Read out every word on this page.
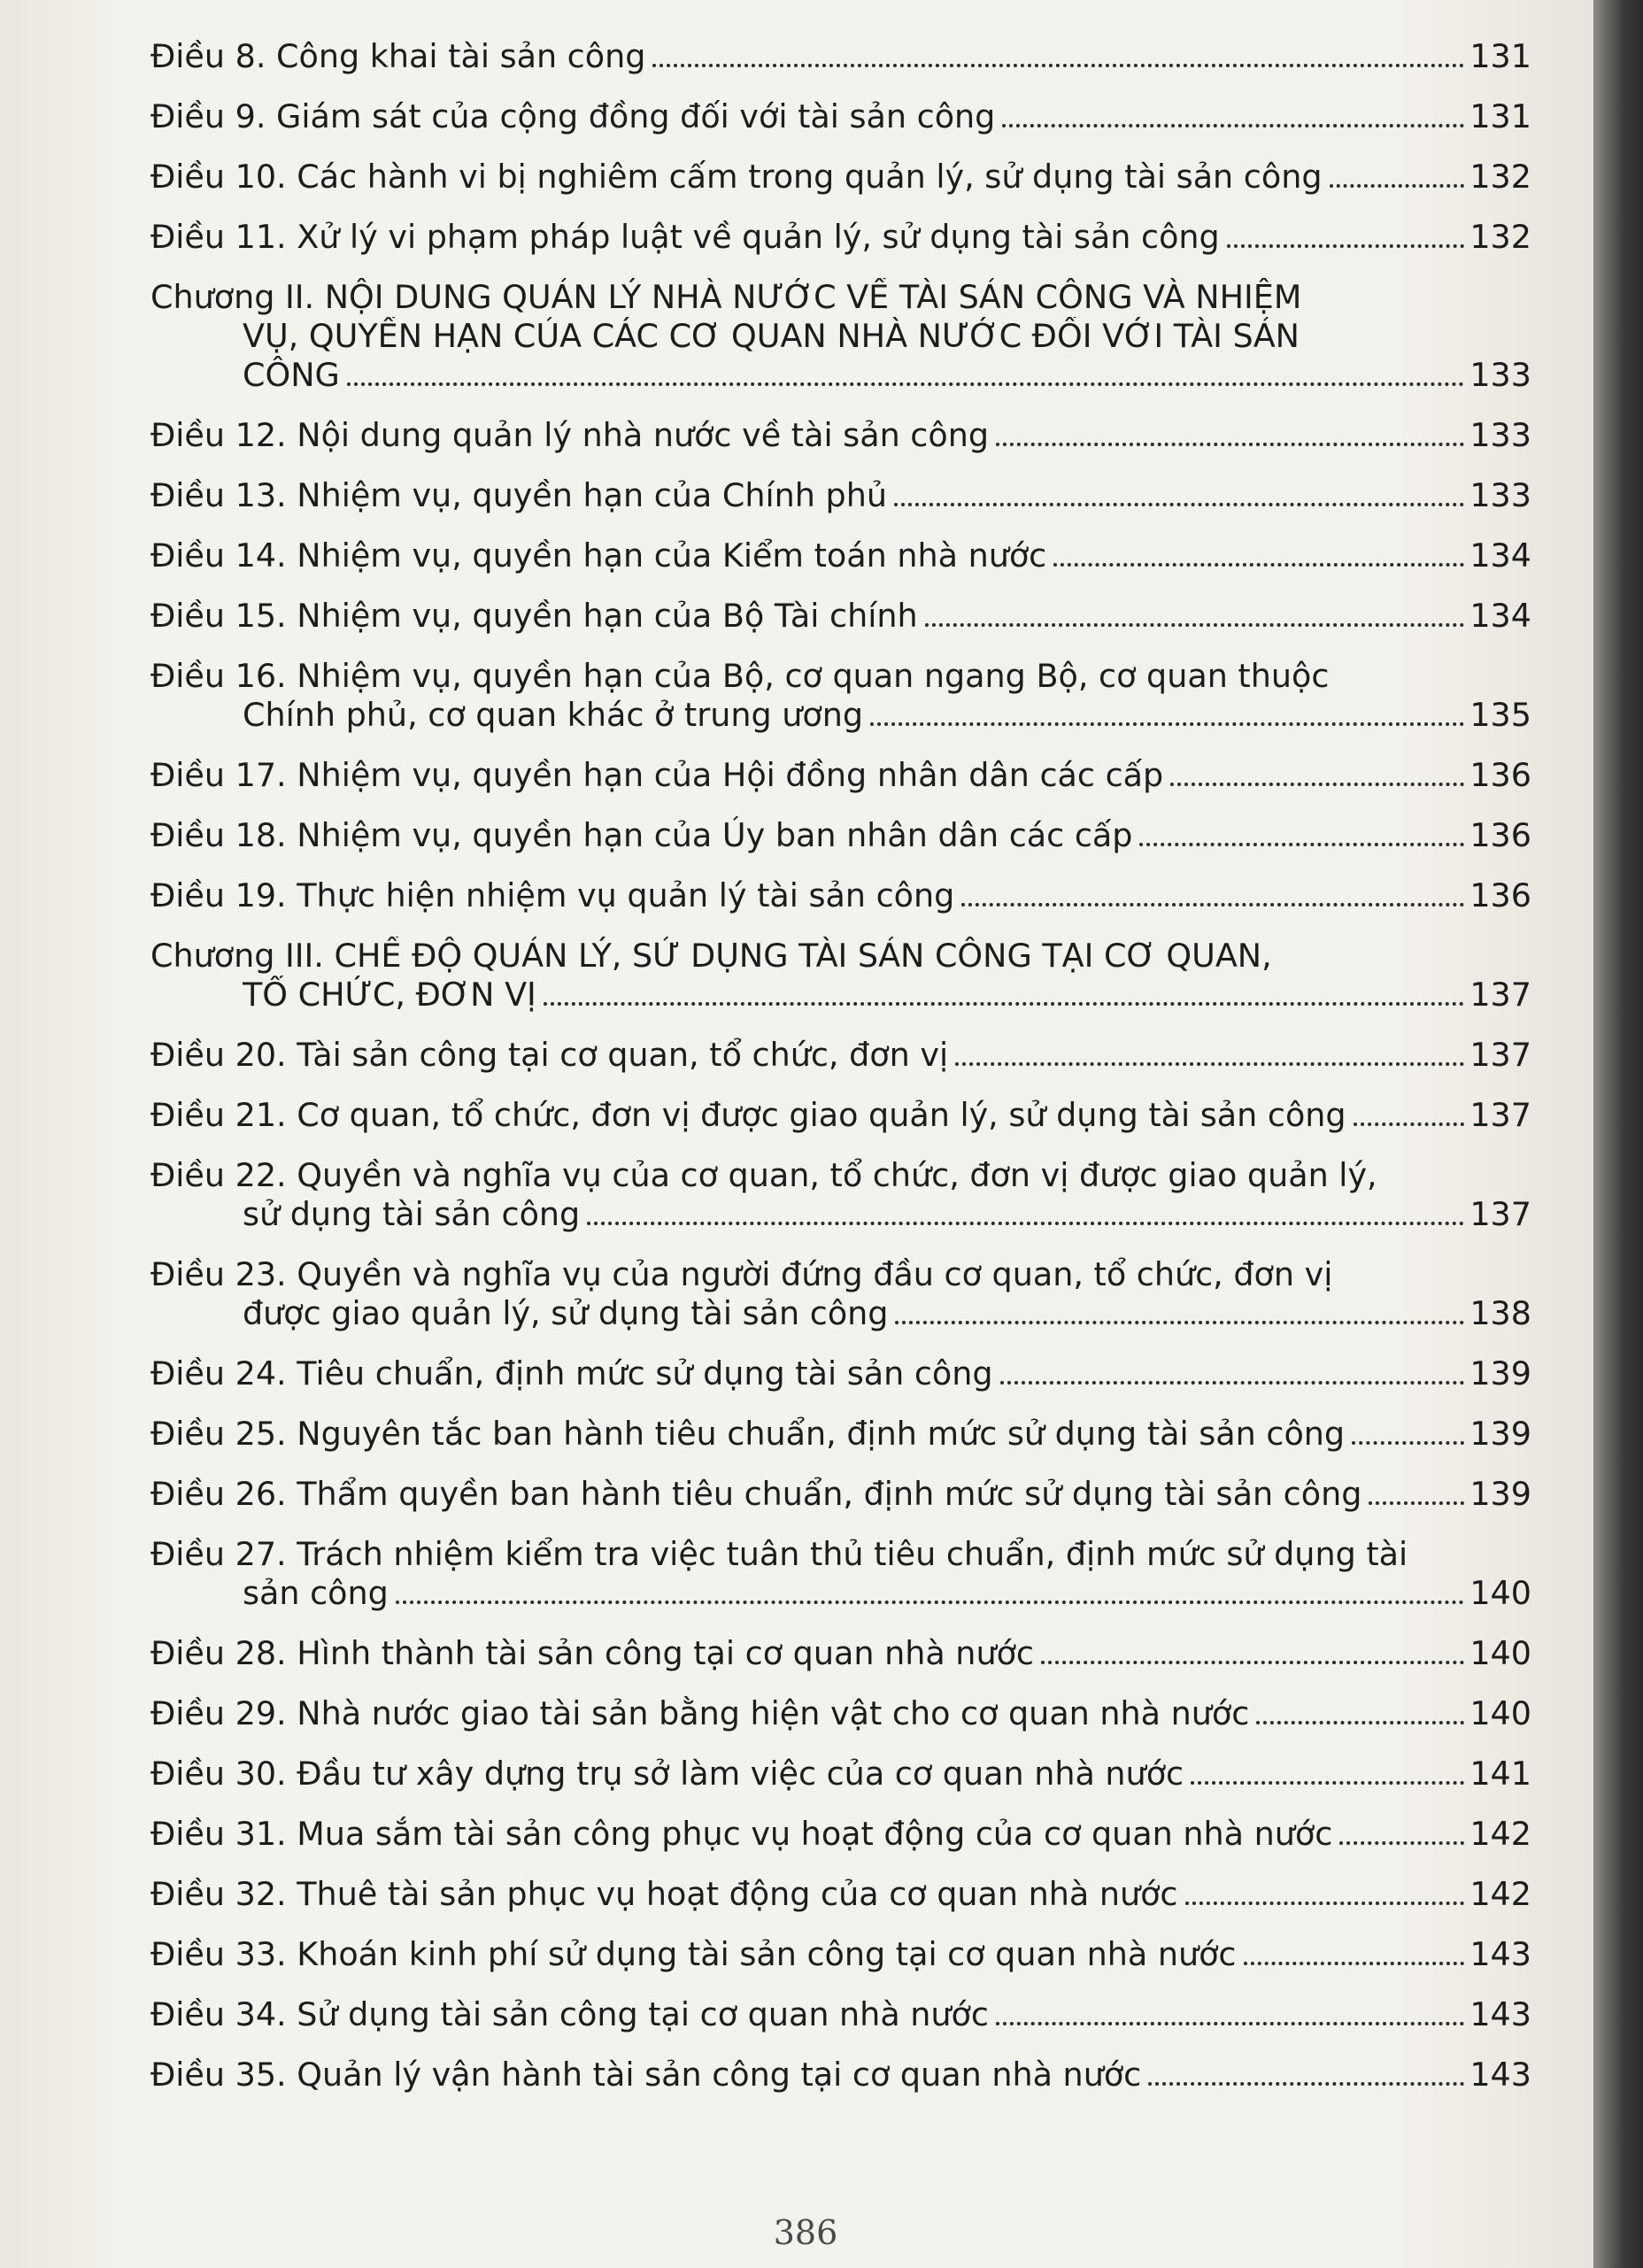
Điều 8. Công khai tài sản công	131
Điều 9. Giám sát của cộng đồng đối với tài sản công	131
Điều 10. Các hành vi bị nghiêm cấm trong quản lý, sử dụng tài sản công	132
Điều 11. Xử lý vi phạm pháp luật về quản lý, sử dụng tài sản công	132
Chương II. NỘI DUNG QUẢN LÝ NHÀ NƯỚC VỀ TÀI SẢN CÔNG VÀ NHIỆM
VỤ, QUYỀN HẠN CỦA CÁC CƠ QUAN NHÀ NƯỚC ĐỐI VỚI TÀI SẢN
CÔNG	133
Điều 12. Nội dung quản lý nhà nước về tài sản công	133
Điều 13. Nhiệm vụ, quyền hạn của Chính phủ	133
Điều 14. Nhiệm vụ, quyền hạn của Kiểm toán nhà nước	134
Điều 15. Nhiệm vụ, quyền hạn của Bộ Tài chính	134
Điều 16. Nhiệm vụ, quyền hạn của Bộ, cơ quan ngang Bộ, cơ quan thuộc
Chính phủ, cơ quan khác ở trung ương	135
Điều 17. Nhiệm vụ, quyền hạn của Hội đồng nhân dân các cấp	136
Điều 18. Nhiệm vụ, quyền hạn của Ủy ban nhân dân các cấp	136
Điều 19. Thực hiện nhiệm vụ quản lý tài sản công	136
Chương III. CHẾ ĐỘ QUẢN LÝ, SỬ DỤNG TÀI SẢN CÔNG TẠI CƠ QUAN,
TỔ CHỨC, ĐƠN VỊ	137
Điều 20. Tài sản công tại cơ quan, tổ chức, đơn vị	137
Điều 21. Cơ quan, tổ chức, đơn vị được giao quản lý, sử dụng tài sản công	137
Điều 22. Quyền và nghĩa vụ của cơ quan, tổ chức, đơn vị được giao quản lý,
sử dụng tài sản công	137
Điều 23. Quyền và nghĩa vụ của người đứng đầu cơ quan, tổ chức, đơn vị
được giao quản lý, sử dụng tài sản công	138
Điều 24. Tiêu chuẩn, định mức sử dụng tài sản công	139
Điều 25. Nguyên tắc ban hành tiêu chuẩn, định mức sử dụng tài sản công	139
Điều 26. Thẩm quyền ban hành tiêu chuẩn, định mức sử dụng tài sản công	139
Điều 27. Trách nhiệm kiểm tra việc tuân thủ tiêu chuẩn, định mức sử dụng tài
sản công	140
Điều 28. Hình thành tài sản công tại cơ quan nhà nước	140
Điều 29. Nhà nước giao tài sản bằng hiện vật cho cơ quan nhà nước	140
Điều 30. Đầu tư xây dựng trụ sở làm việc của cơ quan nhà nước	141
Điều 31. Mua sắm tài sản công phục vụ hoạt động của cơ quan nhà nước	142
Điều 32. Thuê tài sản phục vụ hoạt động của cơ quan nhà nước	142
Điều 33. Khoán kinh phí sử dụng tài sản công tại cơ quan nhà nước	143
Điều 34. Sử dụng tài sản công tại cơ quan nhà nước	143
Điều 35. Quản lý vận hành tài sản công tại cơ quan nhà nước	143
386
